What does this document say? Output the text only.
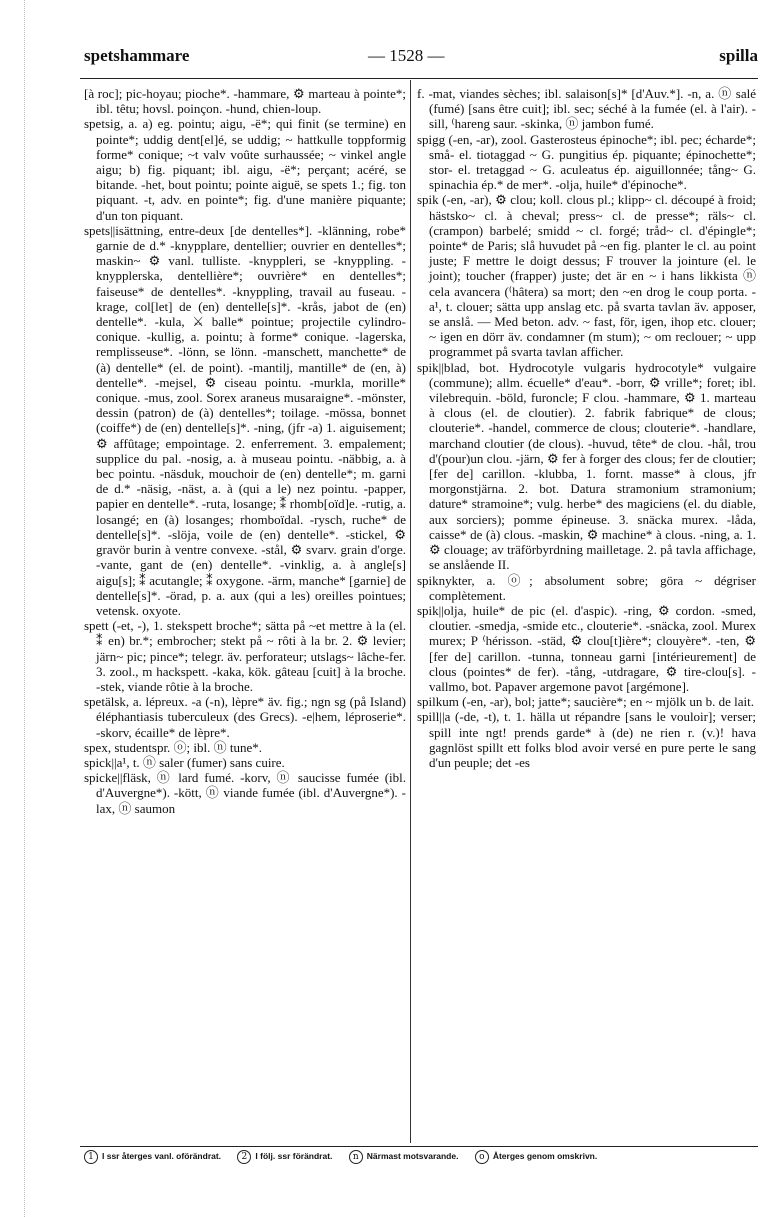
spetshammare	— 1528 —	spilla

[à roc]; pic-hoyau; pioche*. -hammare, ⚙ marteau à pointe*; ibl. têtu; hovsl. poinçon. -hund, chien-loup.

spetsig, a. a) eg. pointu; aigu, -ë*; qui finit (se termine) en pointe*; uddig dent[el]é, se uddig; ~ hattkulle toppformig forme* conique; ~t valv voûte surhaussée; ~ vinkel angle aigu; b) fig. piquant; ibl. aigu, -ë*; perçant; acéré, se bitande. -het, bout pointu; pointe aiguë, se spets 1.; fig. ton piquant. -t, adv. en pointe*; fig. d'une manière piquante; d'un ton piquant.

spets||isättning, entre-deux [de dentelles*]. -klänning, robe* garnie de d.* -knypplare, dentellier; ouvrier en dentelles*; maskin~ ⚙ vanl. tulliste. -knyppleri, se -knyppling. -knypplerska, dentellière*; ouvrière* en dentelles*; faiseuse* de dentelles*. -knyppling, travail au fuseau. -krage, col[let] de (en) dentelle[s]*. -krås, jabot de (en) dentelle*. -kula, ⚔ balle* pointue; projectile cylindro-conique. -kullig, a. pointu; à forme* conique. -lagerska, remplisseuse*. -lönn, se lönn. -manschett, manchette* de (à) dentelle* (el. de point). -mantilj, mantille* de (en, à) dentelle*. -mejsel, ⚙ ciseau pointu. -murkla, morille* conique. -mus, zool. Sorex araneus musaraigne*. -mönster, dessin (patron) de (à) dentelles*; toilage. -mössa, bonnet (coiffe*) de (en) dentelle[s]*. -ning, (jfr -a) 1. aiguisement; ⚙ affûtage; empointage. 2. enferrement. 3. empalement; supplice du pal. -nosig, a. à museau pointu. -näbbig, a. à bec pointu. -näsduk, mouchoir de (en) dentelle*; m. garni de d.* -näsig, -näst, a. à (qui a le) nez pointu. -papper, papier en dentelle*. -ruta, losange; ⁑ rhomb[oïd]e. -rutig, a. losangé; en (à) losanges; rhomboïdal. -rysch, ruche* de dentelle[s]*. -slöja, voile de (en) dentelle*. -stickel, ⚙ gravör burin à ventre convexe. -stål, ⚙ svarv. grain d'orge. -vante, gant de (en) dentelle*. -vinklig, a. à angle[s] aigu[s]; ⁑ acutangle; ⁑ oxygone. -ärm, manche* [garnie] de dentelle[s]*. -örad, p. a. aux (qui a les) oreilles pointues; vetensk. oxyote.

spett (-et, -), 1. stekspett broche*; sätta på ~et mettre à la (el. ⁑ en) br.*; embrocher; stekt på ~ rôti à la br. 2. ⚙ levier; järn~ pic; pince*; telegr. äv. perforateur; utslags~ lâche-fer. 3. zool., m hackspett. -kaka, kök. gâteau [cuit] à la broche. -stek, viande rôtie à la broche.

spetälsk, a. lépreux. -a (-n), lèpre* äv. fig.; ngn sg (på Island) éléphantiasis tuberculeux (des Grecs). -e|hem, léproserie*. -skorv, écaille* de lèpre*.

spex, studentspr. ⓞ; ibl. ⓝ tune*.

spick||a¹, t. ⓝ saler (fumer) sans cuire.

spicke||fläsk, ⓝ lard fumé. -korv, ⓝ saucisse fumée (ibl. d'Auvergne*). -kött, ⓝ viande fumée (ibl. d'Auvergne*). -lax, ⓝ saumon

f. -mat, viandes sèches; ibl. salaison[s]* [d'Auv.*]. -n, a. ⓝ salé (fumé) [sans être cuit]; ibl. sec; séché à la fumée (el. à l'air). -sill, ⁽hareng saur. -skinka, ⓝ jambon fumé.

spigg (-en, -ar), zool. Gasterosteus épinoche*; ibl. pec; écharde*; små- el. tiotaggad ~ G. pungitius ép. piquante; épinochette*; stor- el. tretaggad ~ G. aculeatus ép. aiguillonnée; tång~ G. spinachia ép.* de mer*. -olja, huile* d'épinoche*.

spik (-en, -ar), ⚙ clou; koll. clous pl.; klipp~ cl. découpé à froid; hästsko~ cl. à cheval; press~ cl. de presse*; räls~ cl. (crampon) barbelé; smidd ~ cl. forgé; tråd~ cl. d'épingle*; pointe* de Paris; slå huvudet på ~en fig. planter le cl. au point juste; F mettre le doigt dessus; F trouver la jointure (el. le joint); toucher (frapper) juste; det är en ~ i hans likkista ⓝ cela avancera (⁽hâtera) sa mort; den ~en drog le coup porta. -a¹, t. clouer; sätta upp anslag etc. på svarta tavlan äv. apposer, se anslå. — Med beton. adv. ~ fast, för, igen, ihop etc. clouer; ~ igen en dörr äv. condamner (m stum); ~ om reclouer; ~ upp programmet på svarta tavlan afficher.

spik||blad, bot. Hydrocotyle vulgaris hydrocotyle* vulgaire (commune); allm. écuelle* d'eau*. -borr, ⚙ vrille*; foret; ibl. vilebrequin. -böld, furoncle; F clou. -hammare, ⚙ 1. marteau à clous (el. de cloutier). 2. fabrik fabrique* de clous; clouterie*. -handel, commerce de clous; clouterie*. -handlare, marchand cloutier (de clous). -huvud, tête* de clou. -hål, trou d'(pour)un clou. -järn, ⚙ fer à forger des clous; fer de cloutier; [fer de] carillon. -klubba, 1. fornt. masse* à clous, jfr morgonstjärna. 2. bot. Datura stramonium stramonium; dature* stramoine*; vulg. herbe* des magiciens (el. du diable, aux sorciers); pomme épineuse. 3. snäcka murex. -låda, caisse* de (à) clous. -maskin, ⚙ machine* à clous. -ning, a. 1. ⚙ clouage; av träförbyrdning mailletage. 2. på tavla affichage, se anslående II.

spiknykter, a. ⓞ; absolument sobre; göra ~ dégriser complètement.

spik||olja, huile* de pic (el. d'aspic). -ring, ⚙ cordon. -smed, cloutier. -smedja, -smide etc., clouterie*. -snäcka, zool. Murex murex; P ⁽hérisson. -städ, ⚙ clou[t]ière*; clouyère*. -ten, ⚙ [fer de] carillon. -tunna, tonneau garni [intérieurement] de clous (pointes* de fer). -tång, -utdragare, ⚙ tire-clou[s]. -vallmo, bot. Papaver argemone pavot [argémone].

spilkum (-en, -ar), bol; jatte*; saucière*; en ~ mjölk un b. de lait.

spill||a (-de, -t), t. 1. hälla ut répandre [sans le vouloir]; verser; spill inte ngt! prends garde* à (de) ne rien r. (v.)! hava gagnlöst spillt ett folks blod avoir versé en pure perte le sang d'un peuple; det -es

1 I ssr återges vanl. oförändrat. 2 I följ. ssr förändrat. n Närmast motsvarande. o Återges genom omskrivn.
